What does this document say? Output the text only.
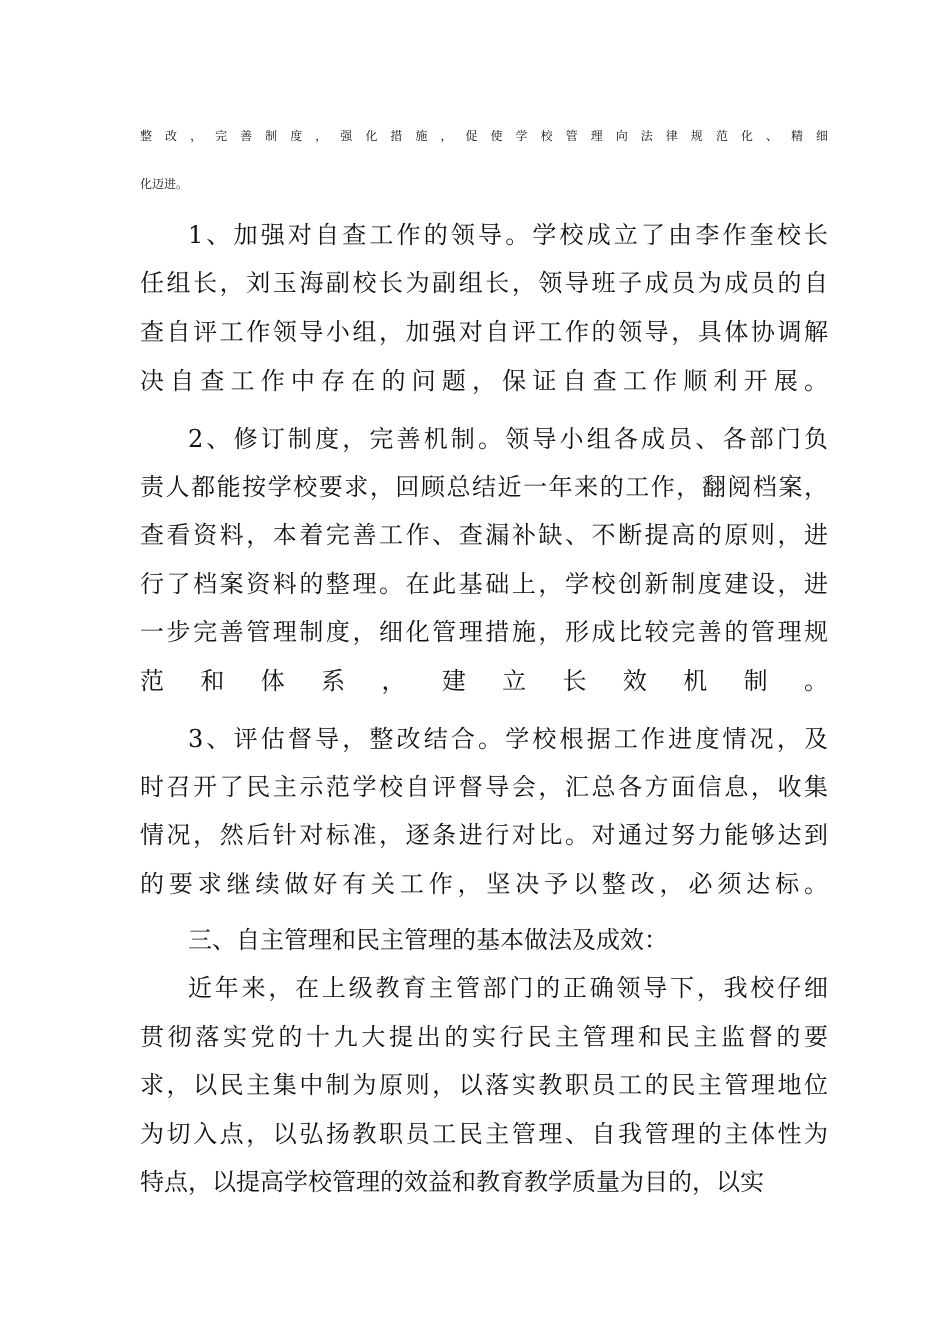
整改，完善制度，强化措施，促使学校管理向法律规范化、精细
化迈进。
1、加强对自查工作的领导。学校成立了由李作奎校长
任组长，刘玉海副校长为副组长，领导班子成员为成员的自
查自评工作领导小组，加强对自评工作的领导，具体协调解
决自查工作中存在的问题，保证自查工作顺利开展。
2、修订制度，完善机制。领导小组各成员、各部门负
责人都能按学校要求，回顾总结近一年来的工作，翻阅档案，
查看资料，本着完善工作、查漏补缺、不断提高的原则，进
行了档案资料的整理。在此基础上，学校创新制度建设，进
一步完善管理制度，细化管理措施，形成比较完善的管理规
范和体系，建立长效机制。
3、评估督导，整改结合。学校根据工作进度情况，及
时召开了民主示范学校自评督导会，汇总各方面信息，收集
情况，然后针对标准，逐条进行对比。对通过努力能够达到
的要求继续做好有关工作，坚决予以整改，必须达标。
三、自主管理和民主管理的基本做法及成效：
近年来，在上级教育主管部门的正确领导下，我校仔细
贯彻落实党的十九大提出的实行民主管理和民主监督的要
求，以民主集中制为原则，以落实教职员工的民主管理地位
为切入点，以弘扬教职员工民主管理、自我管理的主体性为
特点，以提高学校管理的效益和教育教学质量为目的，以实
